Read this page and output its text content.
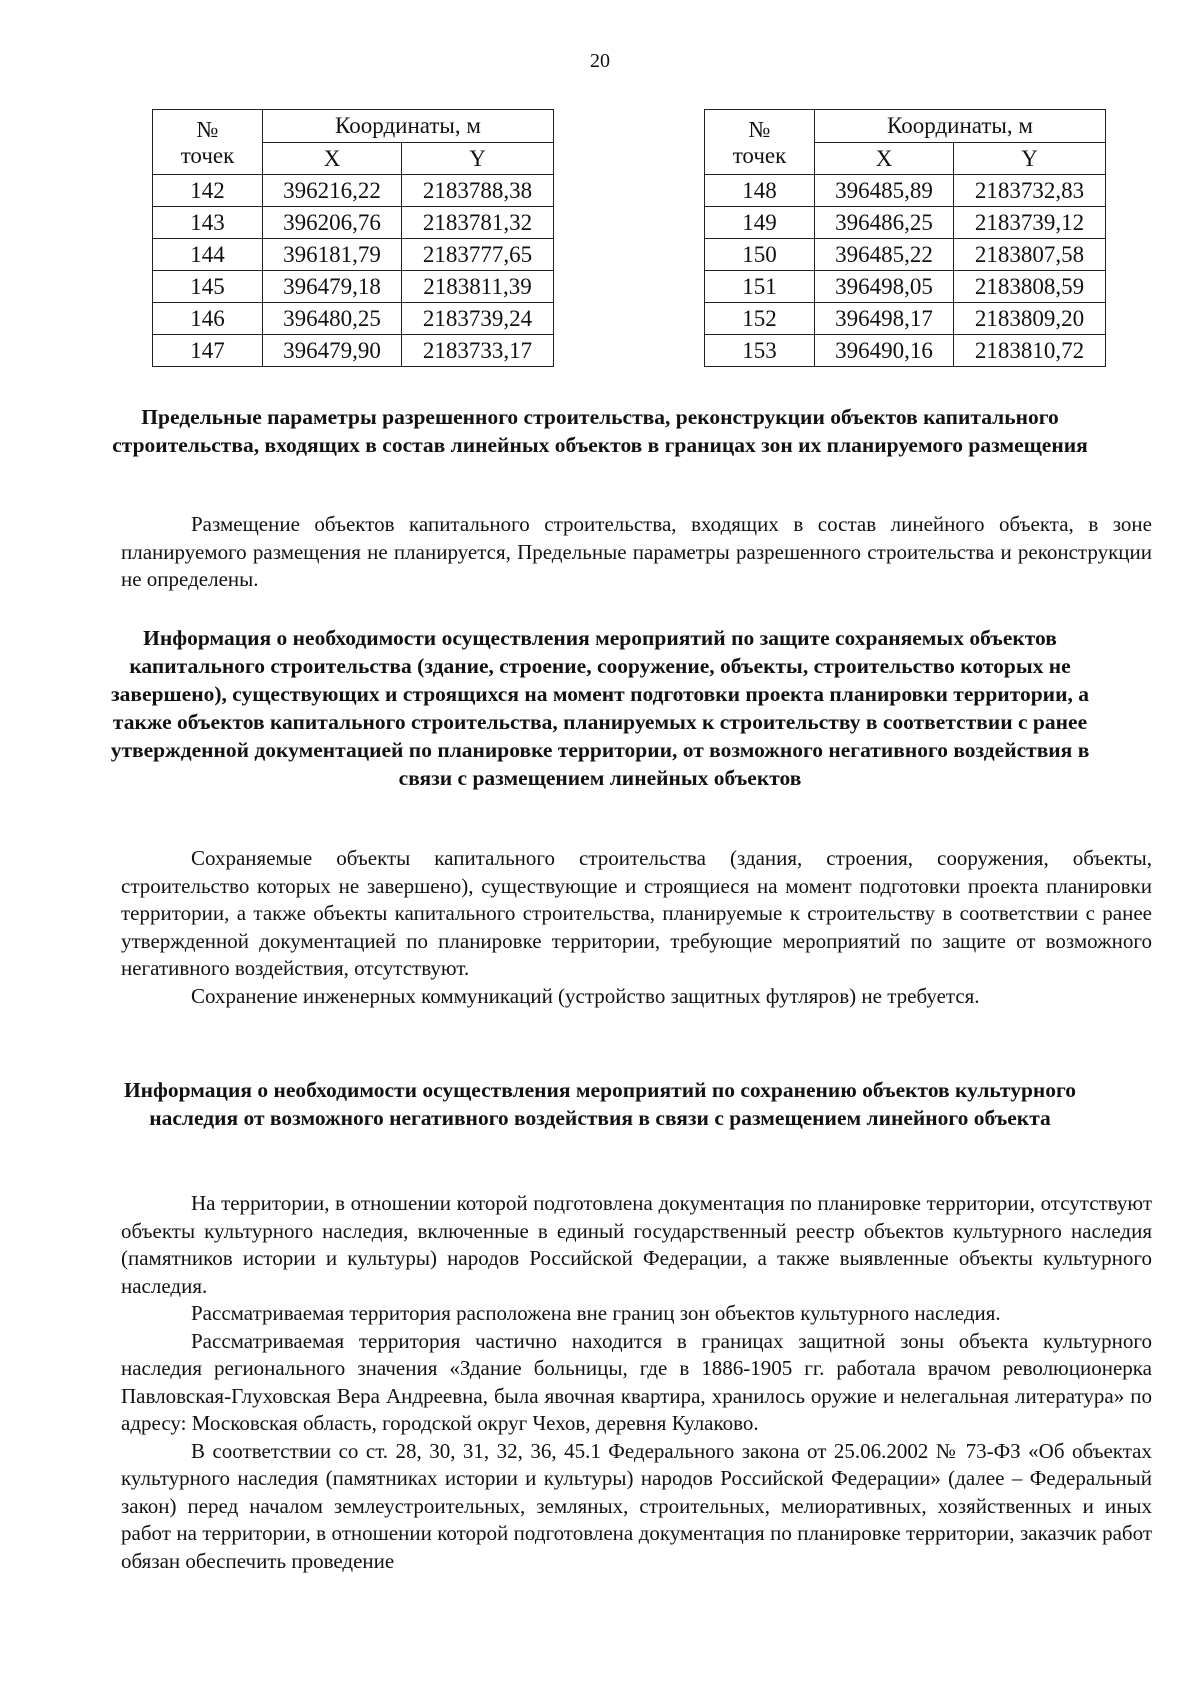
20
№	Координаты, м	
точек	X	Y
142	396216,22	2183788,38
143	396206,76	2183781,32
144	396181,79	2183777,65
145	396479,18	2183811,39
146	396480,25	2183739,24
147	396479,90	2183733,17
№	Координаты, м	
точек	X	Y
148	396485,89	2183732,83
149	396486,25	2183739,12
150	396485,22	2183807,58
151	396498,05	2183808,59
152	396498,17	2183809,20
153	396490,16	2183810,72
Предельные параметры разрешенного строительства, реконструкции объектов капитального строительства, входящих в состав линейных объектов в границах зон их планируемого размещения

Размещение объектов капитального строительства, входящих в состав линейного объекта, в зоне планируемого размещения не планируется, Предельные параметры разрешенного строительства и реконструкции не определены.

Информация о необходимости осуществления мероприятий по защите сохраняемых объектов капитального строительства (здание, строение, сооружение, объекты, строительство которых не завершено), существующих и строящихся на момент подготовки проекта планировки территории, а также объектов капитального строительства, планируемых к строительству в соответствии с ранее утвержденной документацией по планировке территории, от возможного негативного воздействия в связи с размещением линейных объектов

Сохраняемые объекты капитального строительства (здания, строения, сооружения, объекты, строительство которых не завершено), существующие и строящиеся на момент подготовки проекта планировки территории, а также объекты капитального строительства, планируемые к строительству в соответствии с ранее утвержденной документацией по планировке территории, требующие мероприятий по защите от возможного негативного воздействия, отсутствуют.

Сохранение инженерных коммуникаций (устройство защитных футляров) не требуется.

Информация о необходимости осуществления мероприятий по сохранению объектов культурного наследия от возможного негативного воздействия в связи с размещением линейного объекта

На территории, в отношении которой подготовлена документация по планировке территории, отсутствуют объекты культурного наследия, включенные в единый государственный реестр объектов культурного наследия (памятников истории и культуры) народов Российской Федерации, а также выявленные объекты культурного наследия.

Рассматриваемая территория расположена вне границ зон объектов культурного наследия.

Рассматриваемая территория частично находится в границах защитной зоны объекта культурного наследия регионального значения «Здание больницы, где в 1886-1905 гг. работала врачом революционерка Павловская-Глуховская Вера Андреевна, была явочная квартира, хранилось оружие и нелегальная литература» по адресу: Московская область, городской округ Чехов, деревня Кулаково.

В соответствии со ст. 28, 30, 31, 32, 36, 45.1 Федерального закона от 25.06.2002 № 73-ФЗ «Об объектах культурного наследия (памятниках истории и культуры) народов Российской Федерации» (далее – Федеральный закон) перед началом землеустроительных, земляных, строительных, мелиоративных, хозяйственных и иных работ на территории, в отношении которой подготовлена документация по планировке территории, заказчик работ обязан обеспечить проведение
